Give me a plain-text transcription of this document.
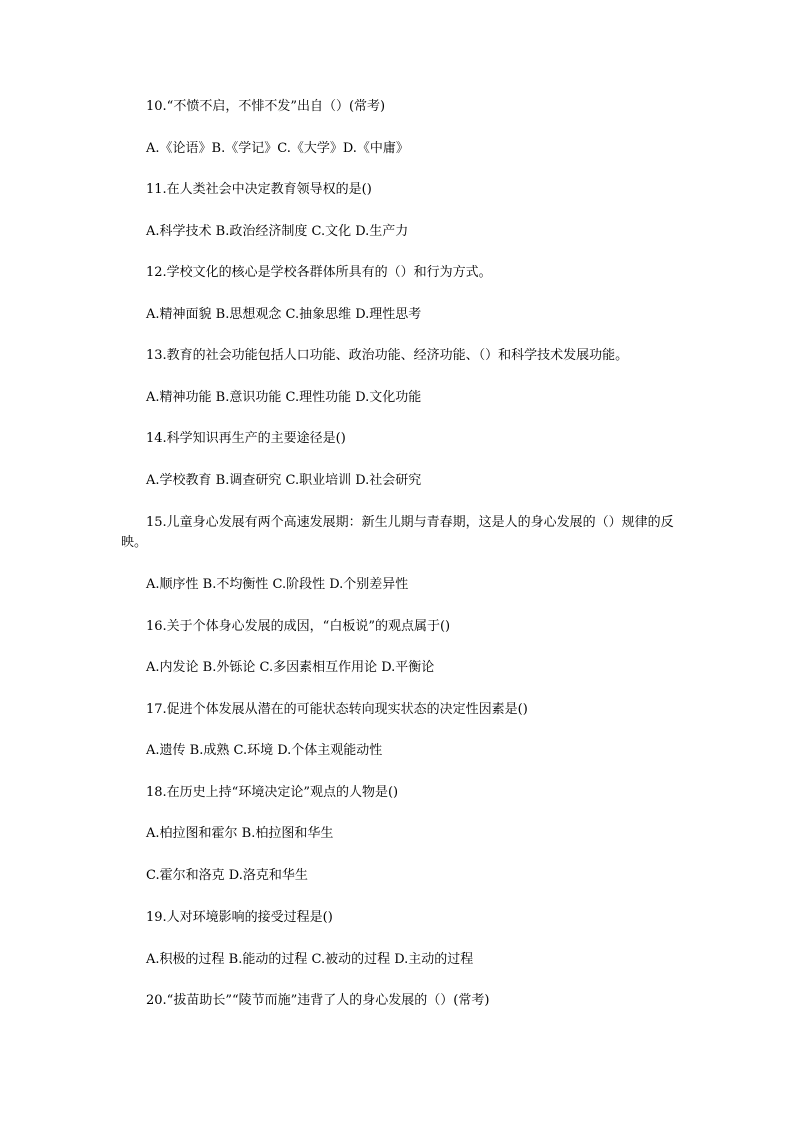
10.“不愤不启，不悱不发”出自（）(常考)

A.《论语》B.《学记》C.《大学》D.《中庸》

11.在人类社会中决定教育领导权的是()

A.科学技术 B.政治经济制度 C.文化 D.生产力

12.学校文化的核心是学校各群体所具有的（）和行为方式。

A.精神面貌 B.思想观念 C.抽象思维 D.理性思考

13.教育的社会功能包括人口功能、政治功能、经济功能、（）和科学技术发展功能。

A.精神功能 B.意识功能 C.理性功能 D.文化功能

14.科学知识再生产的主要途径是()

A.学校教育 B.调查研究 C.职业培训 D.社会研究

15.儿童身心发展有两个高速发展期：新生儿期与青春期，这是人的身心发展的（）规律的反映。

A.顺序性 B.不均衡性 C.阶段性 D.个别差异性

16.关于个体身心发展的成因，“白板说”的观点属于()

A.内发论 B.外铄论 C.多因素相互作用论 D.平衡论

17.促进个体发展从潜在的可能状态转向现实状态的决定性因素是()

A.遗传 B.成熟 C.环境 D.个体主观能动性

18.在历史上持“环境决定论”观点的人物是()

A.柏拉图和霍尔 B.柏拉图和华生

C.霍尔和洛克 D.洛克和华生

19.人对环境影响的接受过程是()

A.积极的过程 B.能动的过程 C.被动的过程 D.主动的过程

20.“拔苗助长”“陵节而施”违背了人的身心发展的（）(常考)
